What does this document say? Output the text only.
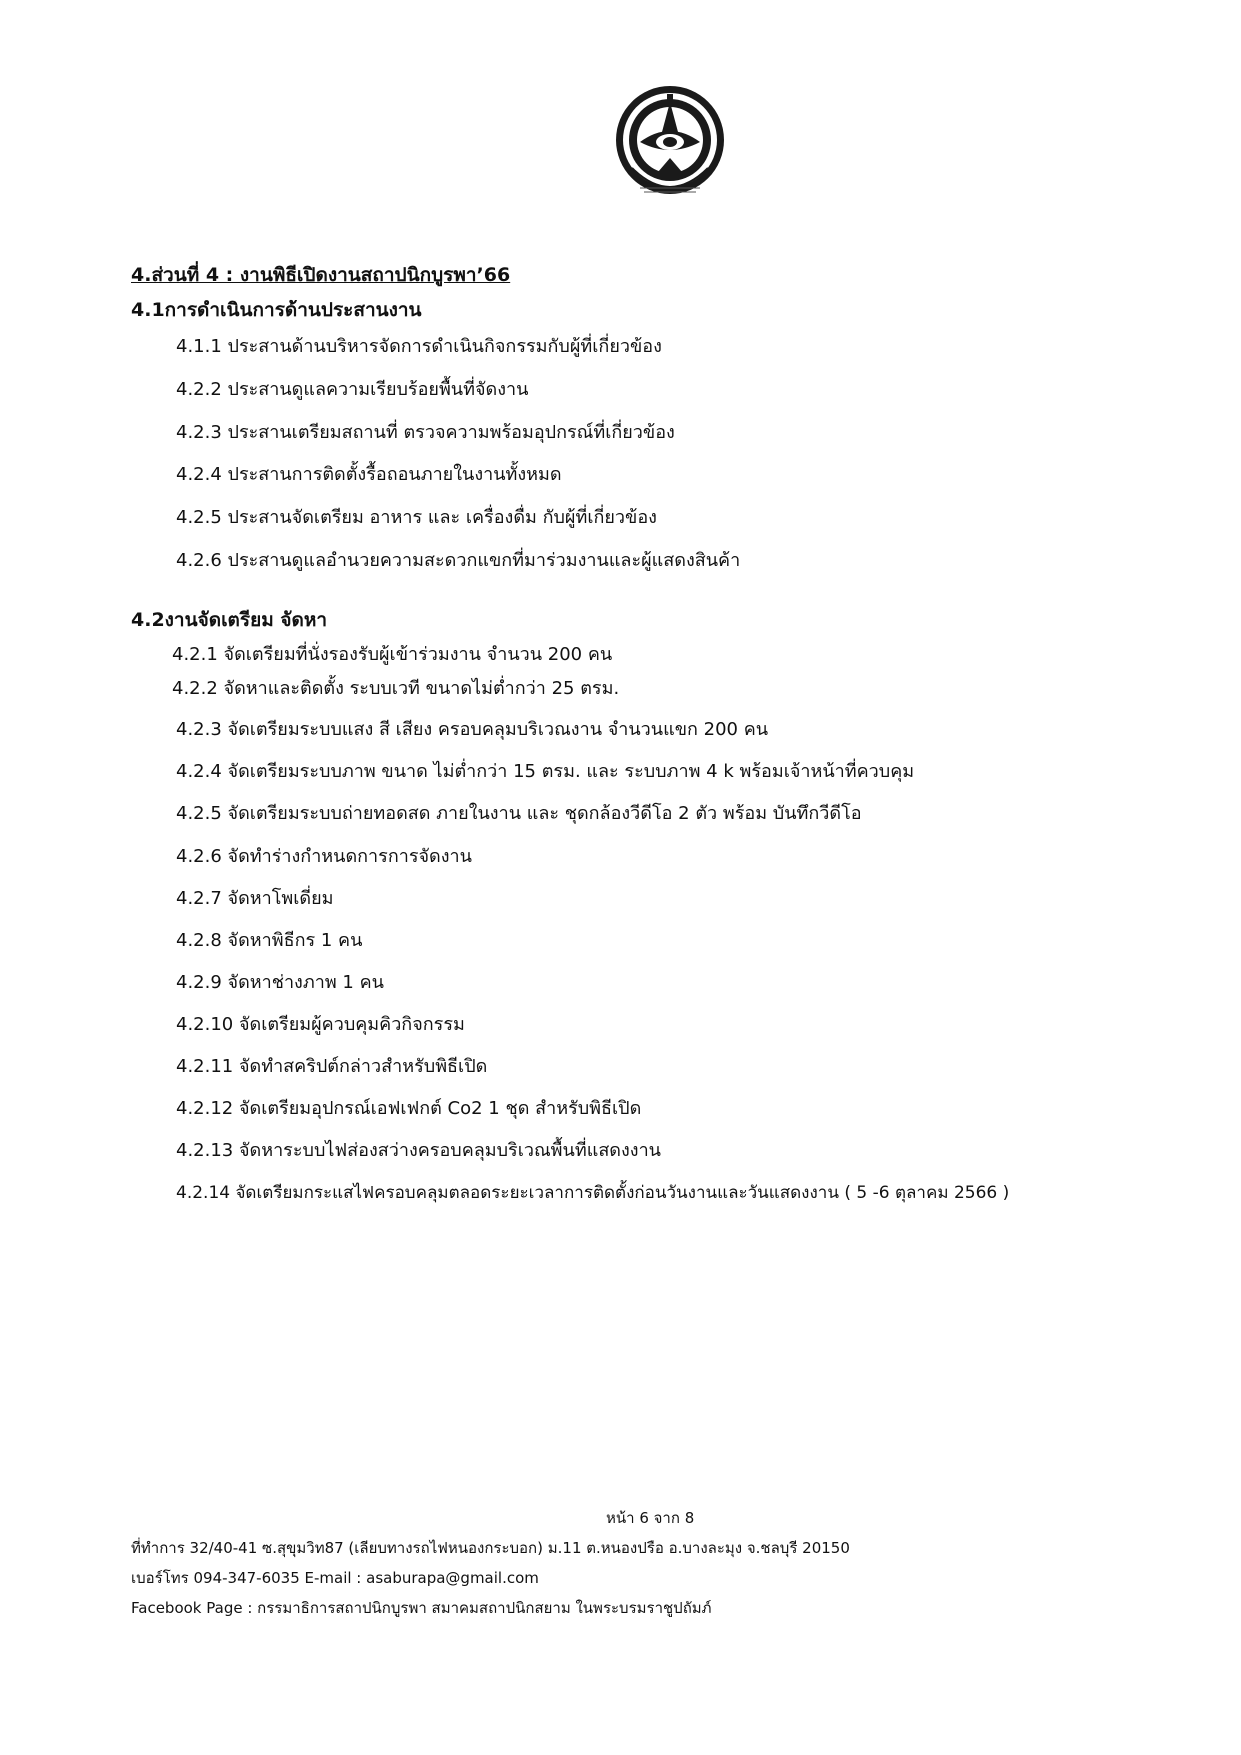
4.ส่วนที่ 4 : งานพิธีเปิดงานสถาปนิกบูรพา’66
4.1การดำเนินการด้านประสานงาน
4.1.1 ประสานด้านบริหารจัดการดำเนินกิจกรรมกับผู้ที่เกี่ยวข้อง
4.2.2 ประสานดูแลความเรียบร้อยพื้นที่จัดงาน
4.2.3 ประสานเตรียมสถานที่ ตรวจความพร้อมอุปกรณ์ที่เกี่ยวข้อง
4.2.4 ประสานการติดตั้งรื้อถอนภายในงานทั้งหมด
4.2.5 ประสานจัดเตรียม อาหาร และ เครื่องดื่ม กับผู้ที่เกี่ยวข้อง
4.2.6 ประสานดูแลอำนวยความสะดวกแขกที่มาร่วมงานและผู้แสดงสินค้า
4.2งานจัดเตรียม จัดหา
4.2.1 จัดเตรียมที่นั่งรองรับผู้เข้าร่วมงาน จำนวน 200 คน
4.2.2 จัดหาและติดตั้ง ระบบเวที ขนาดไม่ต่ำกว่า 25 ตรม.
4.2.3 จัดเตรียมระบบแสง สี เสียง ครอบคลุมบริเวณงาน จำนวนแขก 200 คน
4.2.4 จัดเตรียมระบบภาพ ขนาด ไม่ต่ำกว่า 15 ตรม. และ ระบบภาพ 4 k พร้อมเจ้าหน้าที่ควบคุม
4.2.5 จัดเตรียมระบบถ่ายทอดสด ภายในงาน และ ชุดกล้องวีดีโอ 2 ตัว พร้อม บันทึกวีดีโอ
4.2.6 จัดทำร่างกำหนดการการจัดงาน
4.2.7 จัดหาโพเดี่ยม
4.2.8 จัดหาพิธีกร 1 คน
4.2.9 จัดหาช่างภาพ 1 คน
4.2.10 จัดเตรียมผู้ควบคุมคิวกิจกรรม
4.2.11 จัดทำสคริปต์กล่าวสำหรับพิธีเปิด
4.2.12 จัดเตรียมอุปกรณ์เอฟเฟกต์ Co2 1 ชุด สำหรับพิธีเปิด
4.2.13 จัดหาระบบไฟส่องสว่างครอบคลุมบริเวณพื้นที่แสดงงาน
4.2.14 จัดเตรียมกระแสไฟครอบคลุมตลอดระยะเวลาการติดตั้งก่อนวันงานและวันแสดงงาน ( 5 -6 ตุลาคม 2566 )
หน้า 6 จาก 8
ที่ทำการ 32/40-41 ซ.สุขุมวิท87 (เลียบทางรถไฟหนองกระบอก) ม.11 ต.หนองปรือ อ.บางละมุง จ.ชลบุรี 20150
เบอร์โทร 094-347-6035 E-mail : asaburapa@gmail.com
Facebook Page : กรรมาธิการสถาปนิกบูรพา สมาคมสถาปนิกสยาม ในพระบรมราชูปถัมภ์
